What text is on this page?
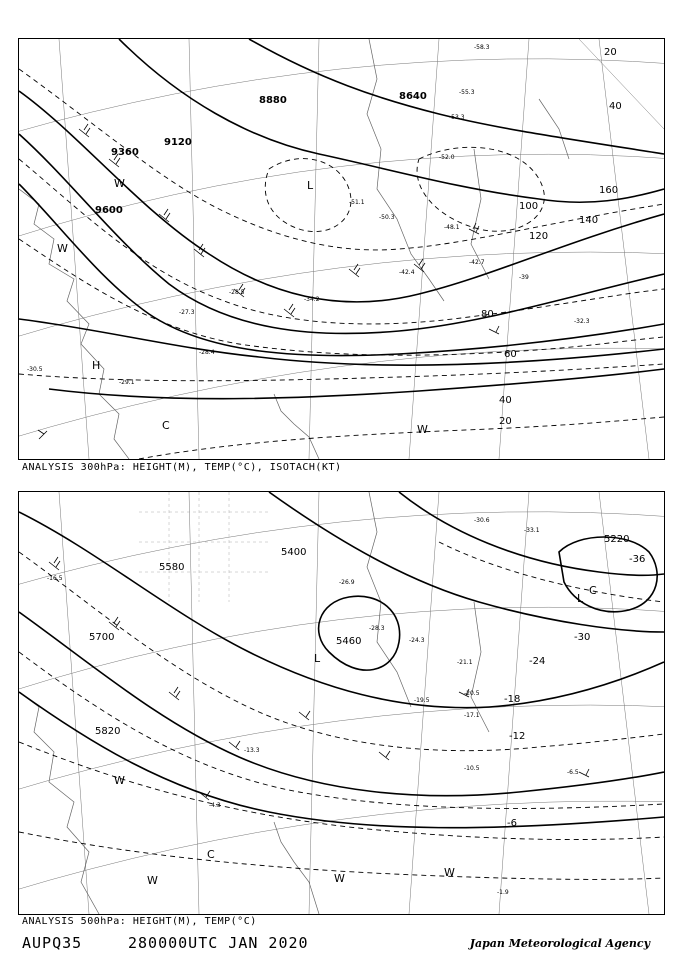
8880	8640
9120
9360
9600
20
40
60
80
100
120
140
160
40
20
-58.3
-55.3
-53.3
-52.0
-51.1
-50.3
-48.1
-42.4
-42.7
-39
-34.2
-32.3
-30.5
-29.1
-28.5
-28.4
-27.3
L
H
W
C	W
W
ANALYSIS 300hPa: HEIGHT(M), TEMP(°C), ISOTACH(KT)
5220
5400
5460
5580
5700
5820
-36
-30
-24
-18
-12
-6
-33.1
-30.6
-28.3
-26.9
-24.3
-21.1
-20.5
-19.5
-17.1
-16.5
-13.3
-10.5
-6.5
-4.3
-1.9
L
L
C
C
W
W	W	W
ANALYSIS 500hPa: HEIGHT(M), TEMP(°C)
AUPQ35	280000UTC JAN 2020	Japan Meteorological Agency
